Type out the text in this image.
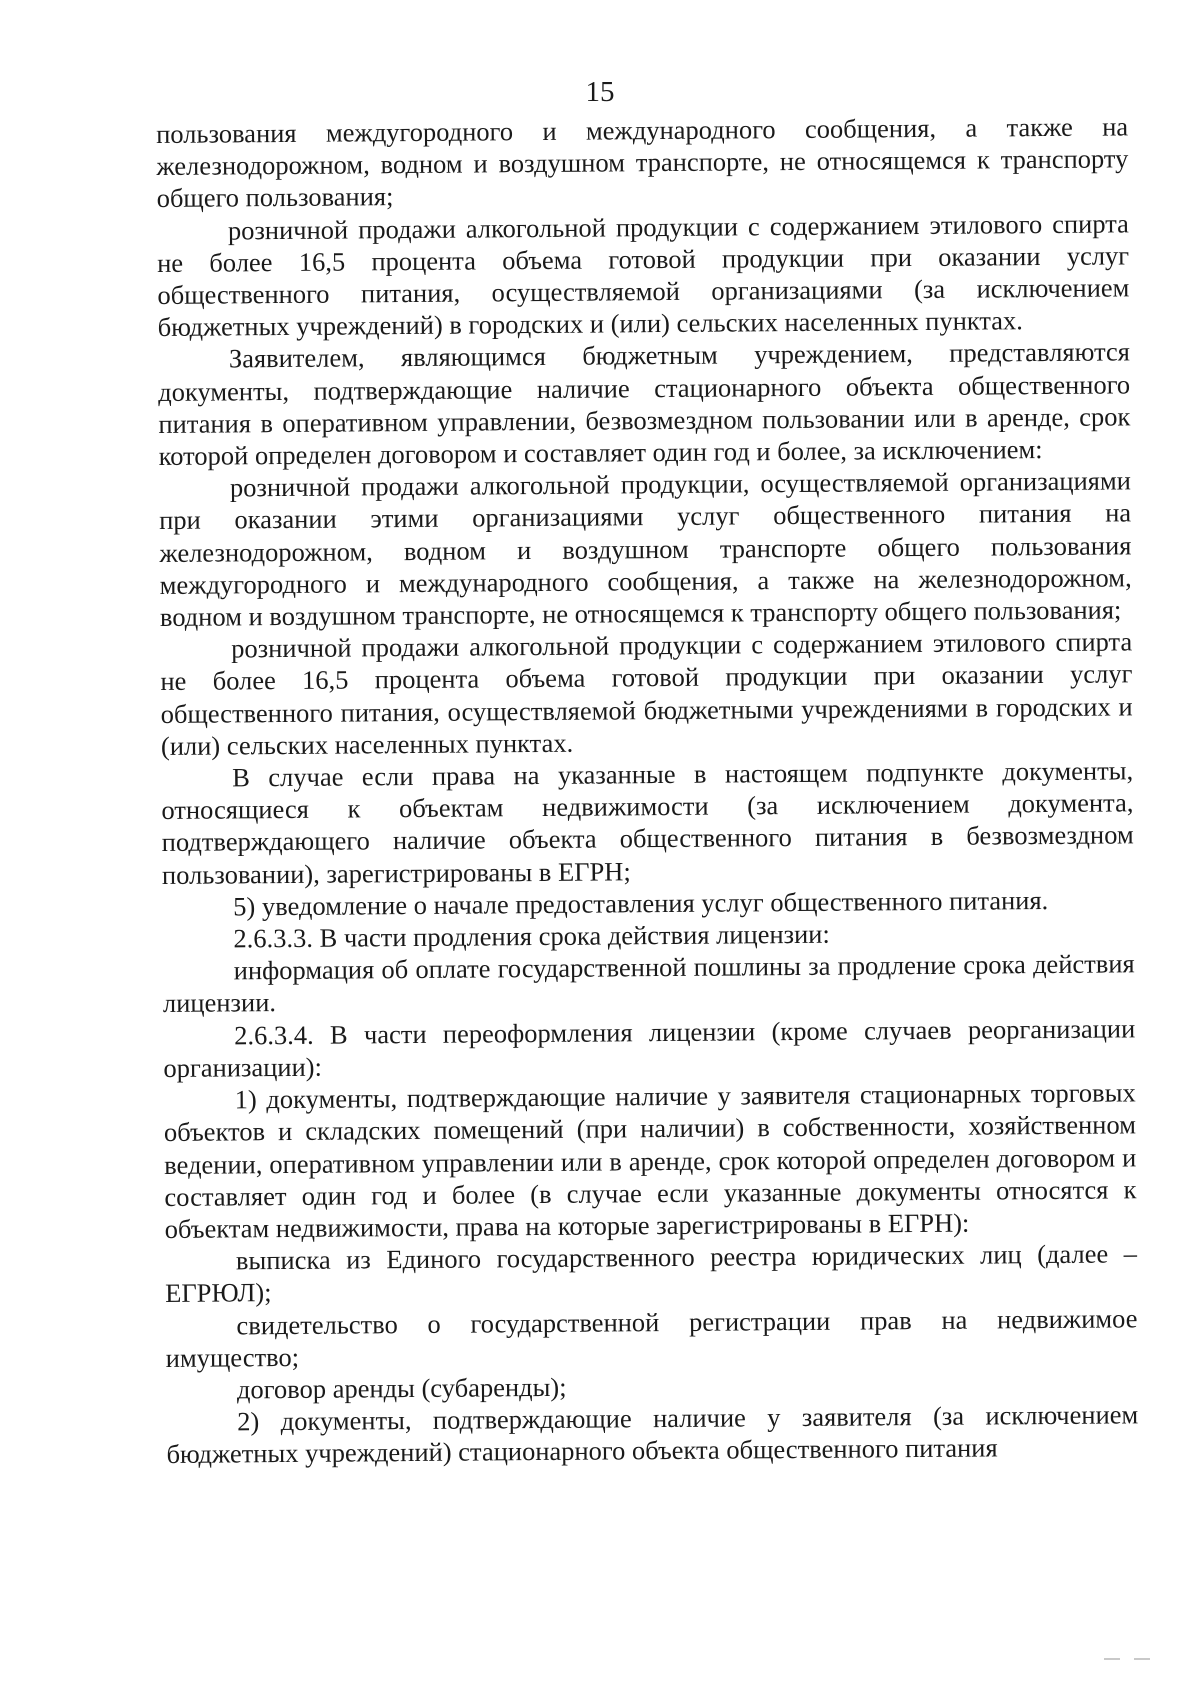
15

пользования междугородного и международного сообщения, а также на железнодорожном, водном и воздушном транспорте, не относящемся к транспорту общего пользования;

розничной продажи алкогольной продукции с содержанием этилового спирта не более 16,5 процента объема готовой продукции при оказании услуг общественного питания, осуществляемой организациями (за исключением бюджетных учреждений) в городских и (или) сельских населенных пунктах.

Заявителем, являющимся бюджетным учреждением, представляются документы, подтверждающие наличие стационарного объекта общественного питания в оперативном управлении, безвозмездном пользовании или в аренде, срок которой определен договором и составляет один год и более, за исключением:

розничной продажи алкогольной продукции, осуществляемой организациями при оказании этими организациями услуг общественного питания на железнодорожном, водном и воздушном транспорте общего пользования междугородного и международного сообщения, а также на железнодорожном, водном и воздушном транспорте, не относящемся к транспорту общего пользования;

розничной продажи алкогольной продукции с содержанием этилового спирта не более 16,5 процента объема готовой продукции при оказании услуг общественного питания, осуществляемой бюджетными учреждениями в городских и (или) сельских населенных пунктах.

В случае если права на указанные в настоящем подпункте документы, относящиеся к объектам недвижимости (за исключением документа, подтверждающего наличие объекта общественного питания в безвозмездном пользовании), зарегистрированы в ЕГРН;

5) уведомление о начале предоставления услуг общественного питания.

2.6.3.3. В части продления срока действия лицензии:

информация об оплате государственной пошлины за продление срока действия лицензии.

2.6.3.4. В части переоформления лицензии (кроме случаев реорганизации организации):

1) документы, подтверждающие наличие у заявителя стационарных торговых объектов и складских помещений (при наличии) в собственности, хозяйственном ведении, оперативном управлении или в аренде, срок которой определен договором и составляет один год и более (в случае если указанные документы относятся к объектам недвижимости, права на которые зарегистрированы в ЕГРН):

выписка из Единого государственного реестра юридических лиц (далее – ЕГРЮЛ);

свидетельство о государственной регистрации прав на недвижимое имущество;

договор аренды (субаренды);

2) документы, подтверждающие наличие у заявителя (за исключением бюджетных учреждений) стационарного объекта общественного питания
